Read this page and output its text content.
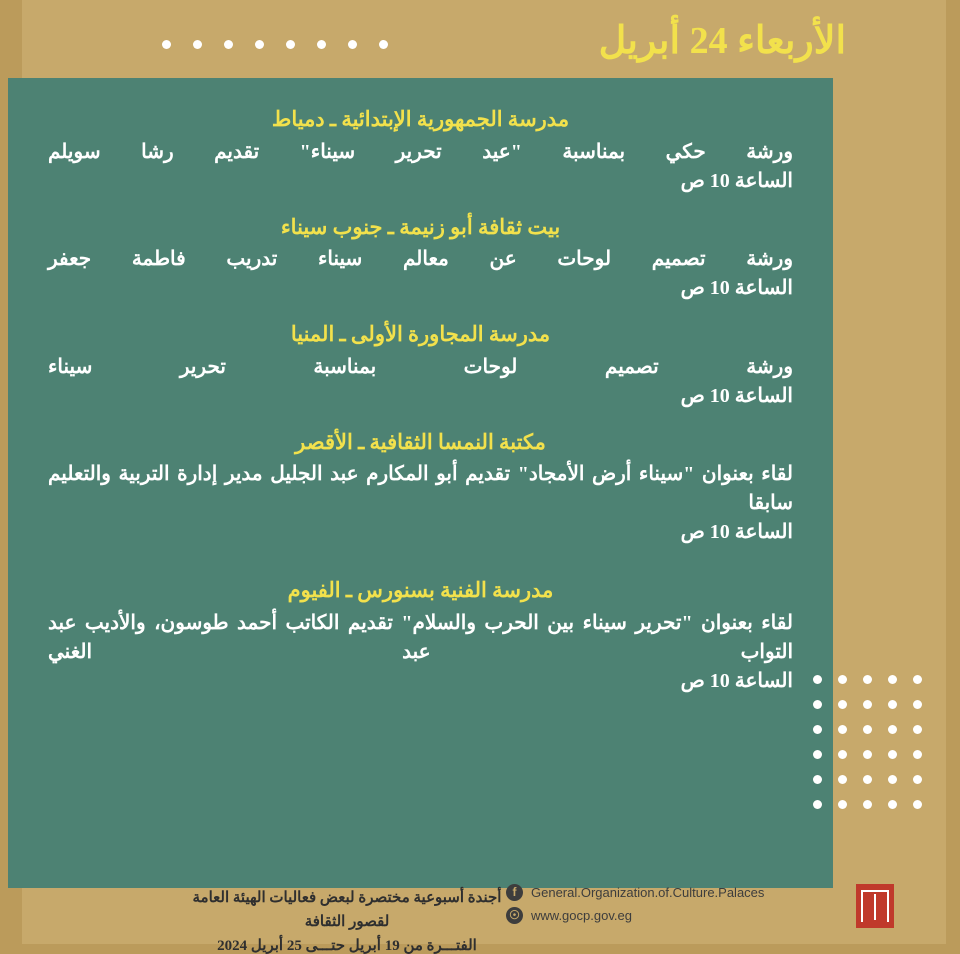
الأربعاء 24 أبريل
مدرسة الجمهورية الإبتدائية ـ دمياط
ورشة حكي بمناسبة "عيد تحرير سيناء" تقديم رشا سويلم
الساعة 10 ص
بيت ثقافة أبو زنيمة ـ جنوب سيناء
ورشة تصميم لوحات عن معالم سيناء تدريب فاطمة جعفر
الساعة 10 ص
مدرسة المجاورة الأولى ـ المنيا
ورشة تصميم لوحات بمناسبة تحرير سيناء
الساعة 10 ص
مكتبة النمسا الثقافية ـ الأقصر
لقاء بعنوان "سيناء أرض الأمجاد" تقديم أبو المكارم عبد الجليل مدير إدارة التربية والتعليم سابقا
الساعة 10 ص
مدرسة الفنية بسنورس ـ الفيوم
لقاء بعنوان "تحرير سيناء بين الحرب والسلام" تقديم الكاتب أحمد طوسون، والأديب عبد التواب عبد الغني
الساعة 10 ص
f	General.Organization.of.Culture.Palaces
☉ www.gocp.gov.eg
أجندة أسبوعية مختصرة لبعض فعاليات الهيئة العامة لقصور الثقافة
الفتـــرة من 19 أبريل حتـــى 25 أبريل 2024
